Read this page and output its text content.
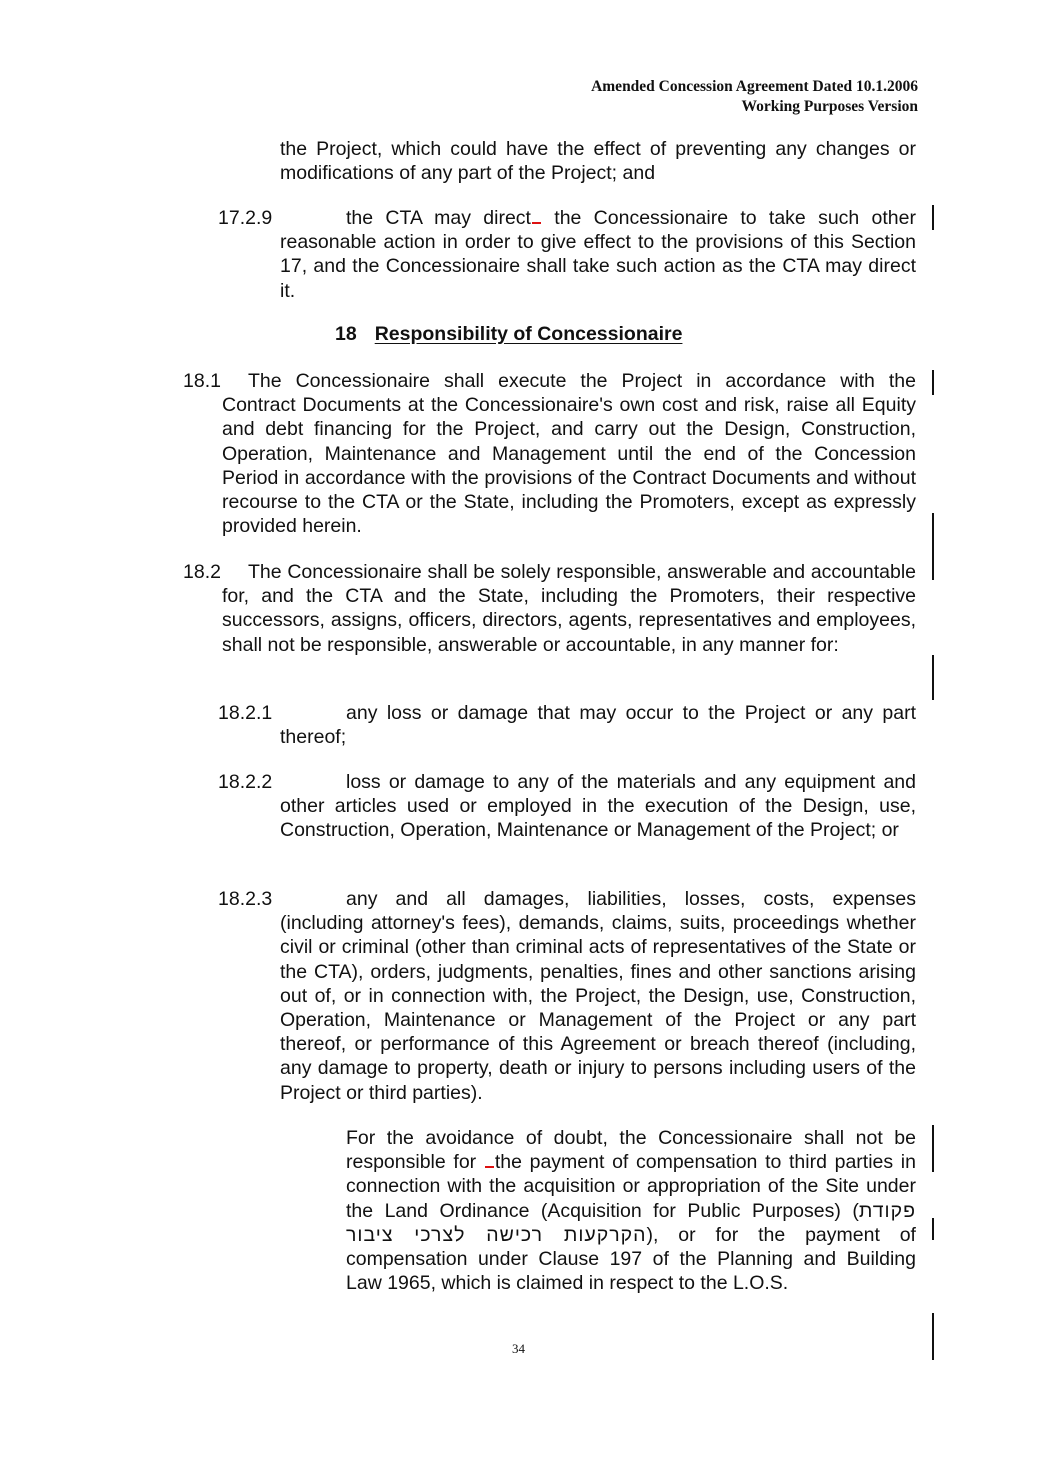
Amended Concession Agreement Dated 10.1.2006
Working Purposes Version
the Project, which could have the effect of preventing any changes or modifications of any part of the Project; and
17.2.9	the CTA may direct the Concessionaire to take such other reasonable action in order to give effect to the provisions of this Section 17, and the Concessionaire shall take such action as the CTA may direct it.
18 Responsibility of Concessionaire
18.1	The Concessionaire shall execute the Project in accordance with the Contract Documents at the Concessionaire's own cost and risk, raise all Equity and debt financing for the Project, and carry out the Design, Construction, Operation, Maintenance and Management until the end of the Concession Period in accordance with the provisions of the Contract Documents and without recourse to the CTA or the State, including the Promoters, except as expressly provided herein.
18.2	The Concessionaire shall be solely responsible, answerable and accountable for, and the CTA and the State, including the Promoters, their respective successors, assigns, officers, directors, agents, representatives and employees, shall not be responsible, answerable or accountable, in any manner for:
18.2.1	any loss or damage that may occur to the Project or any part thereof;
18.2.2	loss or damage to any of the materials and any equipment and other articles used or employed in the execution of the Design, use, Construction, Operation, Maintenance or Management of the Project; or
18.2.3	any and all damages, liabilities, losses, costs, expenses (including attorney's fees), demands, claims, suits, proceedings whether civil or criminal (other than criminal acts of representatives of the State or the CTA), orders, judgments, penalties, fines and other sanctions arising out of, or in connection with, the Project, the Design, use, Construction, Operation, Maintenance or Management of the Project or any part thereof, or performance of this Agreement or breach thereof (including, any damage to property, death or injury to persons including users of the Project or third parties).
For the avoidance of doubt, the Concessionaire shall not be responsible for the payment of compensation to third parties in connection with the acquisition or appropriation of the Site under the Land Ordinance (Acquisition for Public Purposes) (פקודת הקרקעות רכישה לצרכי ציבור), or for the payment of compensation under Clause 197 of the Planning and Building Law 1965, which is claimed in respect to the L.O.S.
34
